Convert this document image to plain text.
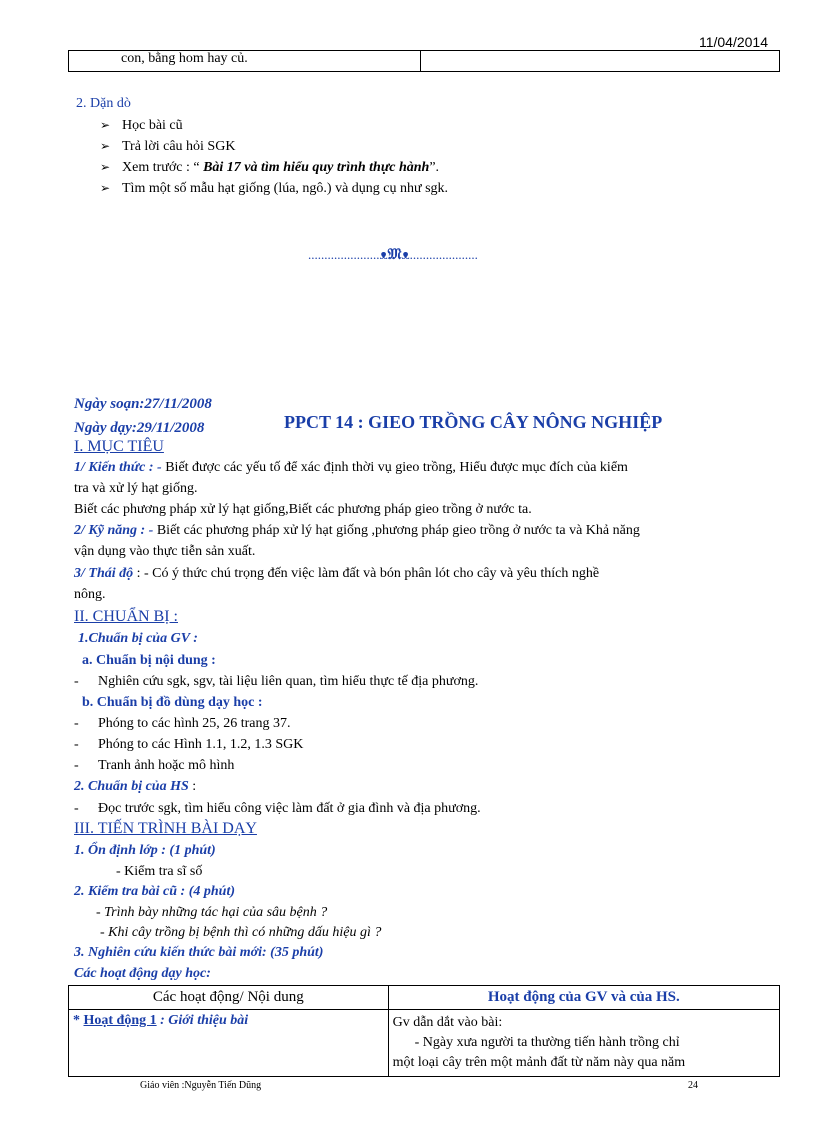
11/04/2014
con, bằng hom hay củ.	
2. Dặn dò
➢ Học bài cũ
➢ Trả lời câu hỏi SGK
➢ Xem trước : “ Bài 17 và tìm hiểu quy trình thực hành”.
➢ Tìm một số mẫu hạt giống (lúa, ngô.) và dụng cụ như sgk.
......................ᴥ𝔐ᴥ.....................
Ngày soạn:27/11/2008
Ngày dạy:29/11/2008	PPCT 14 : GIEO TRỒNG CÂY NÔNG NGHIỆP
I. MỤC TIÊU
1/ Kiến thức : - Biết được các yếu tố để xác định thời vụ gieo trồng, Hiểu được mục đích của kiểm
tra và xử lý hạt giống.
Biết các phương pháp xử lý hạt giống,Biết các phương pháp gieo trồng ở nước ta.
2/ Kỹ năng : - Biết các phương pháp xử lý hạt giống ,phương pháp gieo trồng ở nước ta và Khả năng
vận dụng vào thực tiễn sản xuất.
3/ Thái độ : - Có ý thức chú trọng đến việc làm đất và bón phân lót cho cây và yêu thích nghề
nông.
II. CHUẨN BỊ :
1.Chuẩn bị của GV :
a. Chuẩn bị nội dung :
- Nghiên cứu sgk, sgv, tài liệu liên quan, tìm hiểu thực tế địa phương.
b. Chuẩn bị đồ dùng dạy học :
- Phóng to các hình 25, 26 trang 37.
- Phóng to các Hình 1.1, 1.2, 1.3 SGK
- Tranh ảnh hoặc mô hình
2. Chuẩn bị của HS :
- Đọc trước sgk, tìm hiểu công việc làm đất ở gia đình và địa phương.
III. TIẾN TRÌNH BÀI DẠY
1. Ổn định lớp : (1 phút)
- Kiểm tra sĩ số
2. Kiểm tra bài cũ : (4 phút)
- Trình bày những tác hại của sâu bệnh ?
- Khi cây trồng bị bệnh thì có những dấu hiệu gì ?
3. Nghiên cứu kiến thức bài mới: (35 phút)
Các hoạt động dạy học:
Các hoạt động/ Nội dung	Hoạt động của GV và của HS.
* Hoạt động 1 : Giới thiệu bài	Gv dẫn dắt vào bài:
- Ngày xưa người ta thường tiến hành trồng chỉ
một loại cây trên một mảnh đất từ năm này qua năm
Giáo viên :Nguyễn Tiến Dũng	24
